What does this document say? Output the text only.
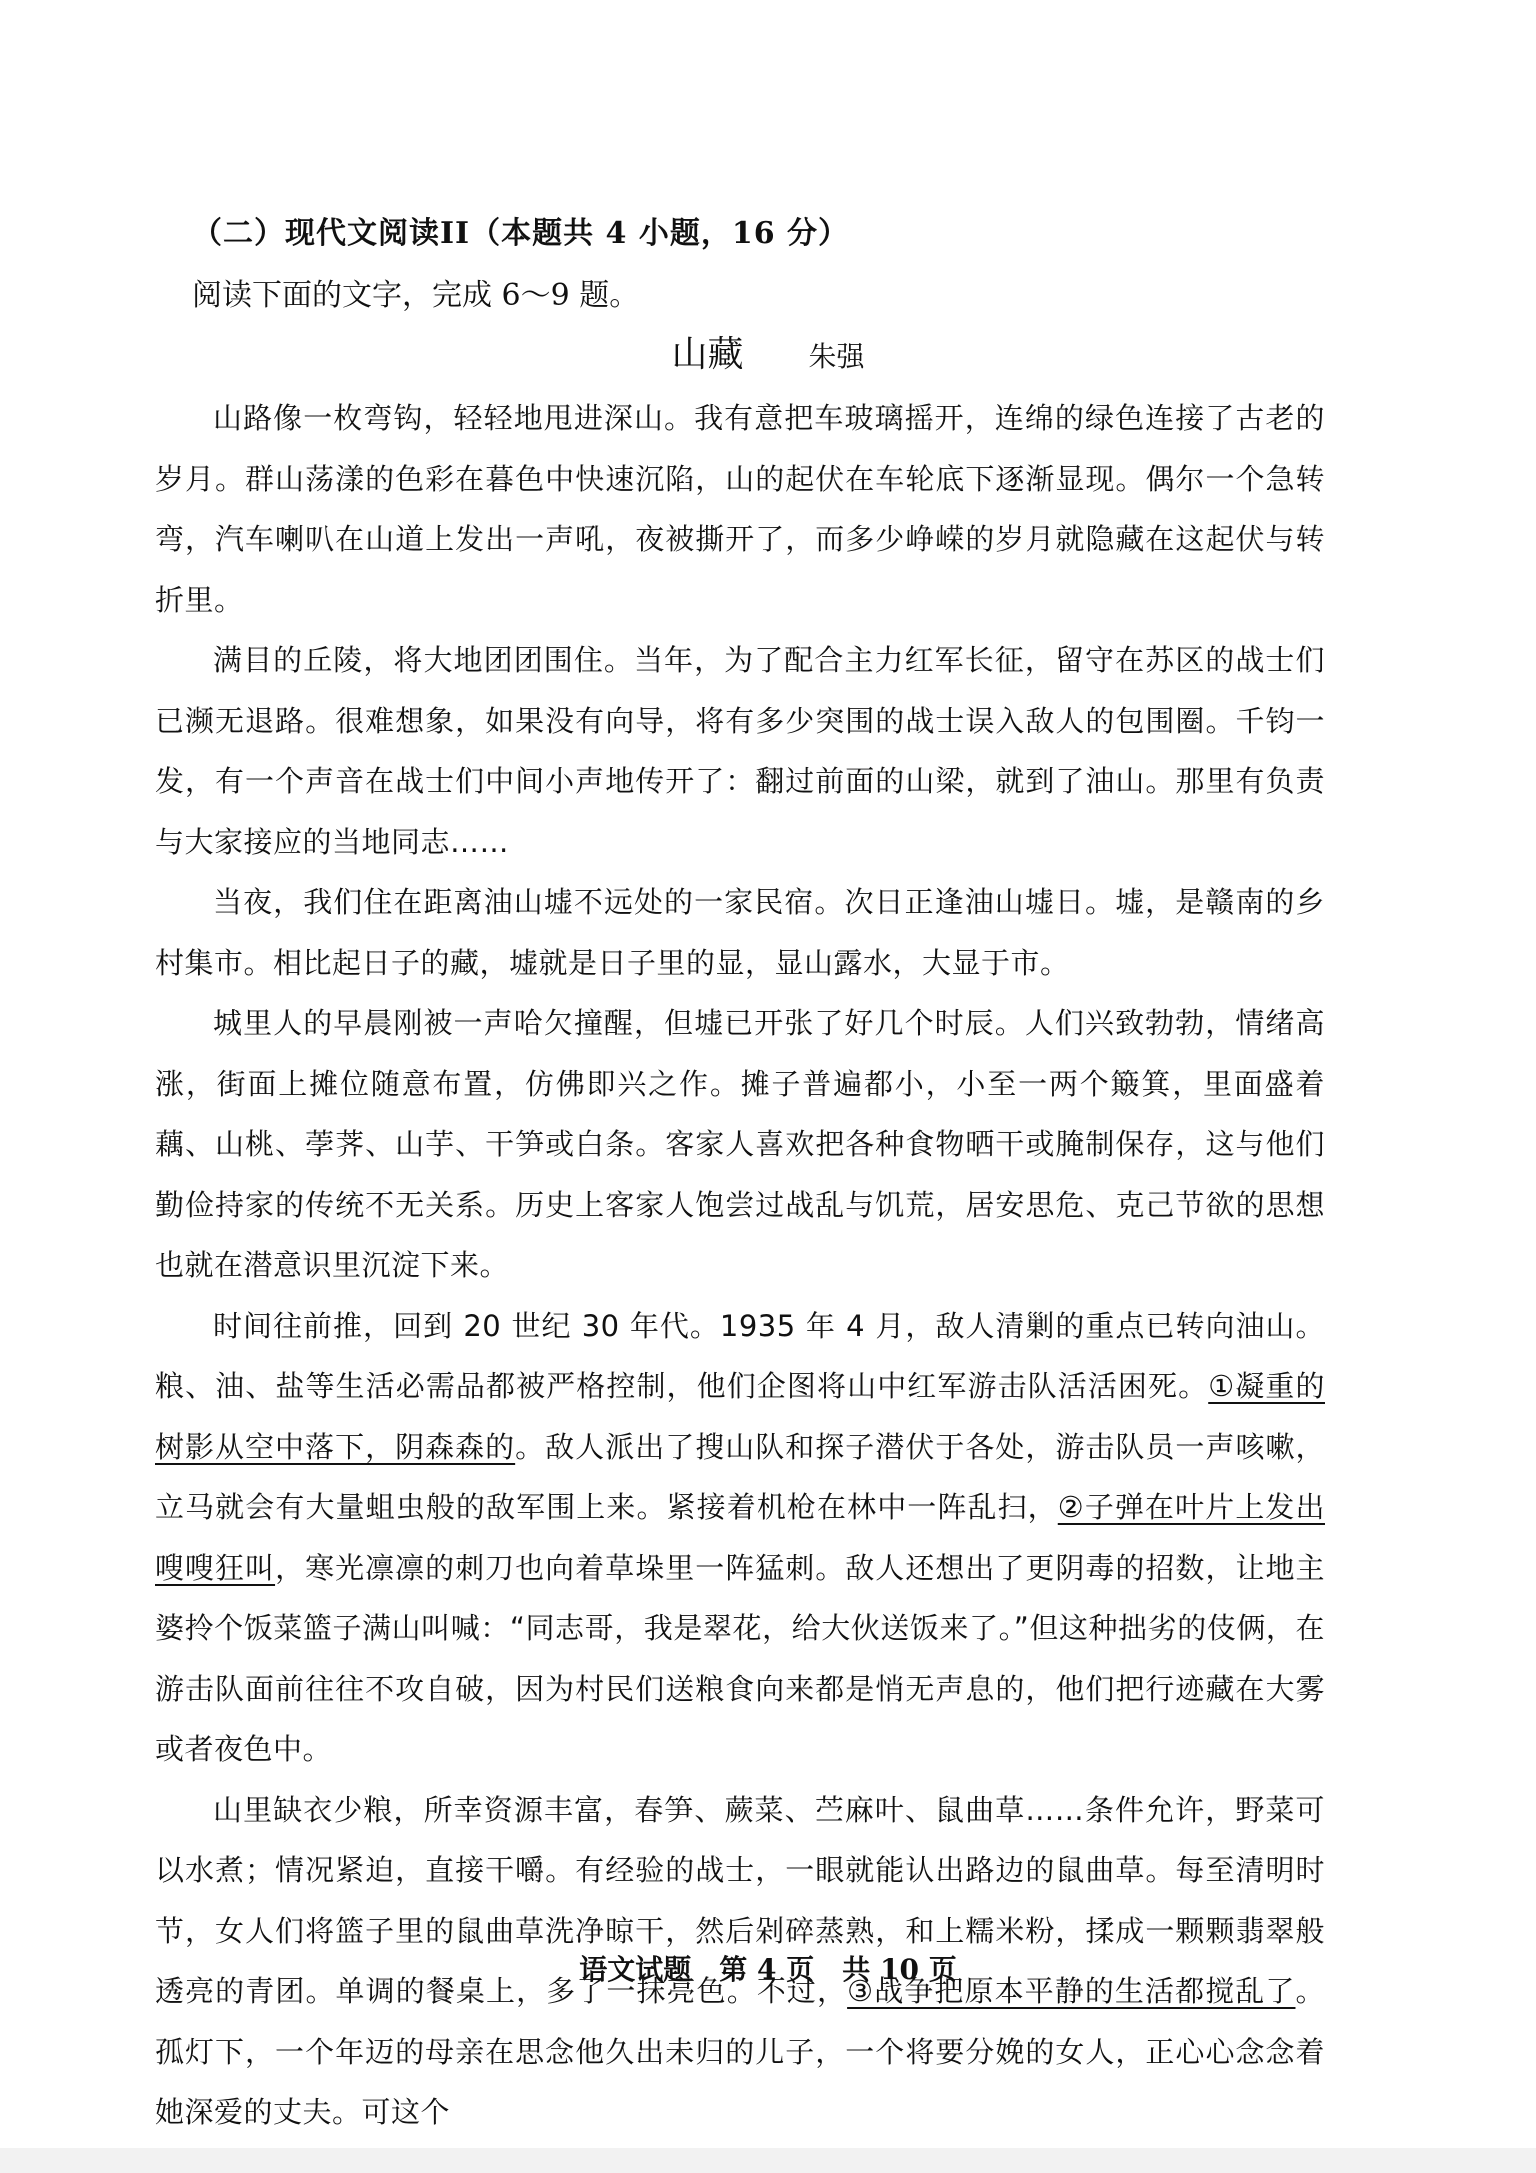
（二）现代文阅读II（本题共 4 小题，16 分）
阅读下面的文字，完成 6～9 题。
山藏 朱强

山路像一枚弯钩，轻轻地甩进深山。我有意把车玻璃摇开，连绵的绿色连接了古老的岁月。群山荡漾的色彩在暮色中快速沉陷，山的起伏在车轮底下逐渐显现。偶尔一个急转弯，汽车喇叭在山道上发出一声吼，夜被撕开了，而多少峥嵘的岁月就隐藏在这起伏与转折里。

满目的丘陵，将大地团团围住。当年，为了配合主力红军长征，留守在苏区的战士们已濒无退路。很难想象，如果没有向导，将有多少突围的战士误入敌人的包围圈。千钧一发，有一个声音在战士们中间小声地传开了：翻过前面的山梁，就到了油山。那里有负责与大家接应的当地同志……

当夜，我们住在距离油山墟不远处的一家民宿。次日正逢油山墟日。墟，是赣南的乡村集市。相比起日子的藏，墟就是日子里的显，显山露水，大显于市。

城里人的早晨刚被一声哈欠撞醒，但墟已开张了好几个时辰。人们兴致勃勃，情绪高涨，街面上摊位随意布置，仿佛即兴之作。摊子普遍都小，小至一两个簸箕，里面盛着藕、山桃、荸荠、山芋、干笋或白条。客家人喜欢把各种食物晒干或腌制保存，这与他们勤俭持家的传统不无关系。历史上客家人饱尝过战乱与饥荒，居安思危、克己节欲的思想也就在潜意识里沉淀下来。

时间往前推，回到 20 世纪 30 年代。1935 年 4 月，敌人清剿的重点已转向油山。粮、油、盐等生活必需品都被严格控制，他们企图将山中红军游击队活活困死。①凝重的树影从空中落下，阴森森的。敌人派出了搜山队和探子潜伏于各处，游击队员一声咳嗽，立马就会有大量蛆虫般的敌军围上来。紧接着机枪在林中一阵乱扫，②子弹在叶片上发出嗖嗖狂叫，寒光凛凛的刺刀也向着草垛里一阵猛刺。敌人还想出了更阴毒的招数，让地主婆拎个饭菜篮子满山叫喊：“同志哥，我是翠花，给大伙送饭来了。”但这种拙劣的伎俩，在游击队面前往往不攻自破，因为村民们送粮食向来都是悄无声息的，他们把行迹藏在大雾或者夜色中。

山里缺衣少粮，所幸资源丰富，春笋、蕨菜、苎麻叶、鼠曲草……条件允许，野菜可以水煮；情况紧迫，直接干嚼。有经验的战士，一眼就能认出路边的鼠曲草。每至清明时节，女人们将篮子里的鼠曲草洗净晾干，然后剁碎蒸熟，和上糯米粉，揉成一颗颗翡翠般透亮的青团。单调的餐桌上，多了一抹亮色。不过，③战争把原本平静的生活都搅乱了。孤灯下，一个年迈的母亲在思念他久出未归的儿子，一个将要分娩的女人，正心心念念着她深爱的丈夫。可这个

语文试题　第 4 页　共 10 页
